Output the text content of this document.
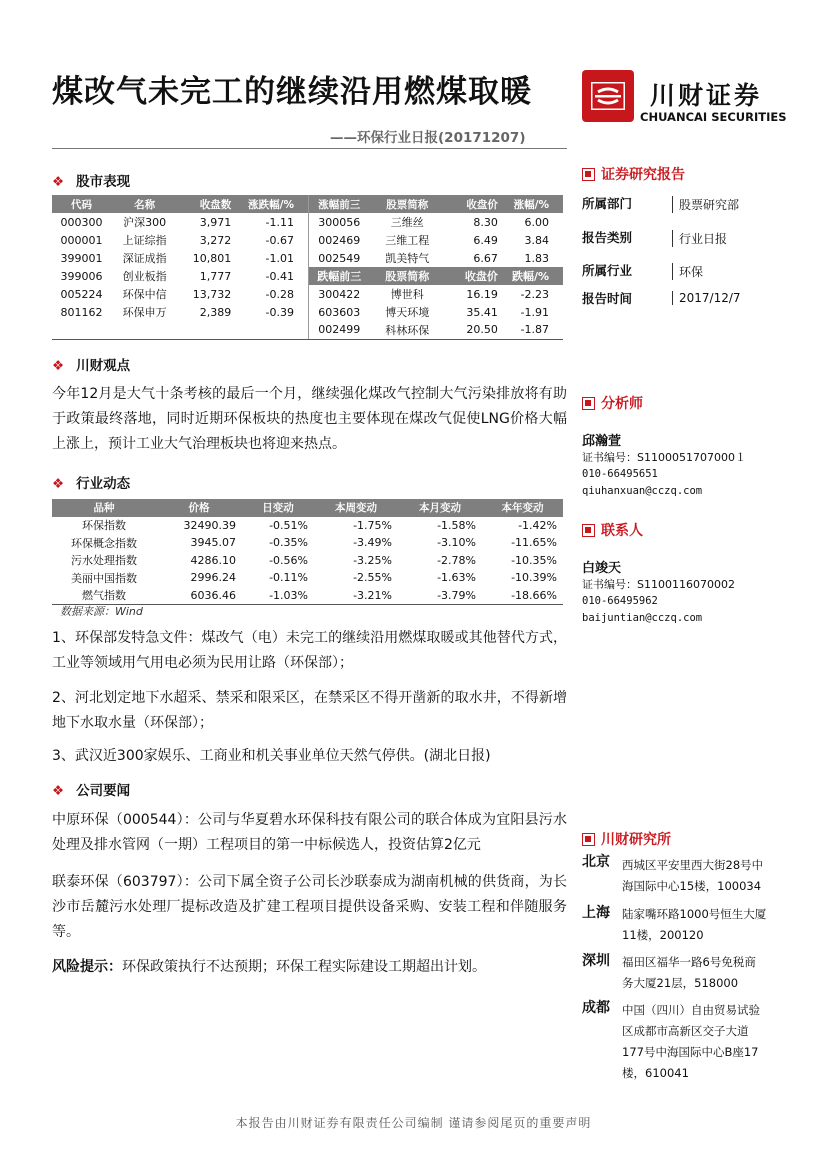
煤改气未完工的继续沿用燃煤取暖	川财证券
CHUANCAI SECURITIES
——环保行业日报(20171207)
❖ 股市表现
代码	名称	收盘数	涨跌幅/%	涨幅前三	股票简称	收盘价	涨幅/%
000300	沪深300	3,971	-1.11	300056	三维丝	8.30	6.00
000001	上证综指	3,272	-0.67	002469	三维工程	6.49	3.84
399001	深证成指	10,801	-1.01	002549	凯美特气	6.67	1.83
399006	创业板指	1,777	-0.41	跌幅前三	股票简称	收盘价	跌幅/%
005224	环保中信	13,732	-0.28	300422	博世科	16.19	-2.23
801162	环保申万	2,389	-0.39	603603	博天环境	35.41	-1.91
				002499	科林环保	20.50	-1.87
❖ 川财观点
今年12月是大气十条考核的最后一个月，继续强化煤改气控制大气污染排放将有助于政策最终落地，同时近期环保板块的热度也主要体现在煤改气促使LNG价格大幅上涨上，预计工业大气治理板块也将迎来热点。
❖ 行业动态
品种	价格	日变动	本周变动	本月变动	本年变动
环保指数	32490.39	-0.51%	-1.75%	-1.58%	-1.42%
环保概念指数	3945.07	-0.35%	-3.49%	-3.10%	-11.65%
污水处理指数	4286.10	-0.56%	-3.25%	-2.78%	-10.35%
美丽中国指数	2996.24	-0.11%	-2.55%	-1.63%	-10.39%
燃气指数	6036.46	-1.03%	-3.21%	-3.79%	-18.66%
数据来源：Wind
1、环保部发特急文件：煤改气（电）未完工的继续沿用燃煤取暖或其他替代方式，工业等领域用气用电必须为民用让路（环保部）；
2、河北划定地下水超采、禁采和限采区，在禁采区不得开凿新的取水井，不得新增地下水取水量（环保部）；
3、武汉近300家娱乐、工商业和机关事业单位天然气停供。(湖北日报)
❖ 公司要闻
中原环保（000544）：公司与华夏碧水环保科技有限公司的联合体成为宜阳县污水处理及排水管网（一期）工程项目的第一中标候选人，投资估算2亿元
联泰环保（603797）：公司下属全资子公司长沙联泰成为湖南机械的供货商，为长沙市岳麓污水处理厂提标改造及扩建工程项目提供设备采购、安装工程和伴随服务等。
风险提示：环保政策执行不达预期；环保工程实际建设工期超出计划。
证券研究报告
所属部门	股票研究部
报告类别	行业日报
所属行业	环保
报告时间	2017/12/7
分析师
邱瀚萱
证书编号：S1100051707000１
010-66495651
qiuhanxuan@cczq.com
联系人
白竣天
证书编号：S1100116070002
010-66495962
baijuntian@cczq.com
川财研究所
北京 西城区平安里西大街28号中
海国际中心15楼，100034
上海 陆家嘴环路1000号恒生大厦
11楼，200120
深圳 福田区福华一路6号免税商
务大厦21层，518000
成都 中国（四川）自由贸易试验
区成都市高新区交子大道
177号中海国际中心B座17
楼，610041
本报告由川财证券有限责任公司编制 谨请参阅尾页的重要声明
